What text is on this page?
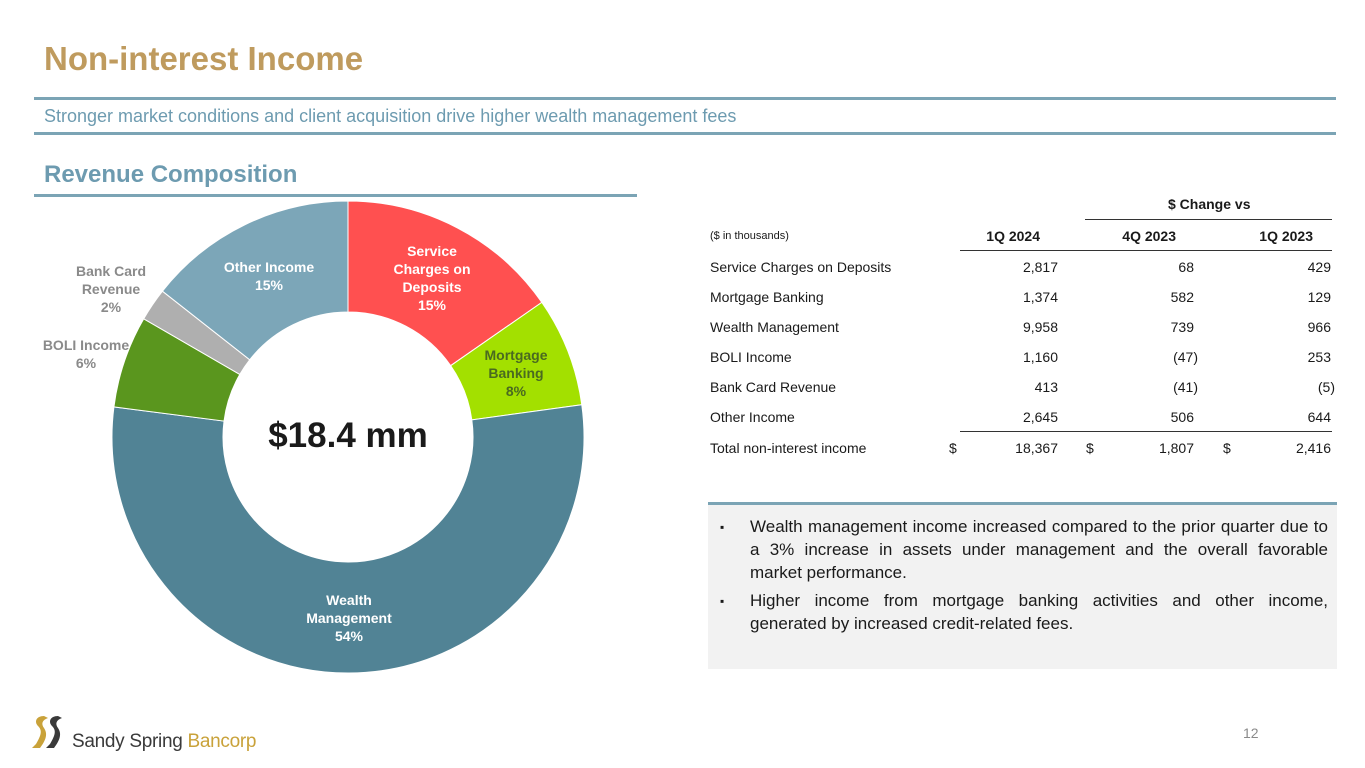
Non-interest Income
Stronger market conditions and client acquisition drive higher wealth management fees
Revenue Composition
$18.4 mm
Service
Charges on
Deposits
15%
Mortgage
Banking
8%
Wealth
Management
54%
BOLI Income
6%
Bank Card
Revenue
2%
Other Income
15%
$ Change vs
($ in thousands)	1Q 2024	4Q 2023	1Q 2023
Service Charges on Deposits	2,817	68	429
Mortgage Banking	1,374	582	129
Wealth Management	9,958	739	966
BOLI Income	1,160	(47)	253
Bank Card Revenue	413	(41)	(5)
Other Income	2,645	506	644
Total non-interest income	$	18,367 $	1,807 $	2,416
▪ Wealth management income increased compared to the prior quarter due to a 3% increase in assets under management and the overall favorable market performance.
▪ Higher income from mortgage banking activities and other income, generated by increased credit-related fees.
Sandy Spring Bancorp	12
